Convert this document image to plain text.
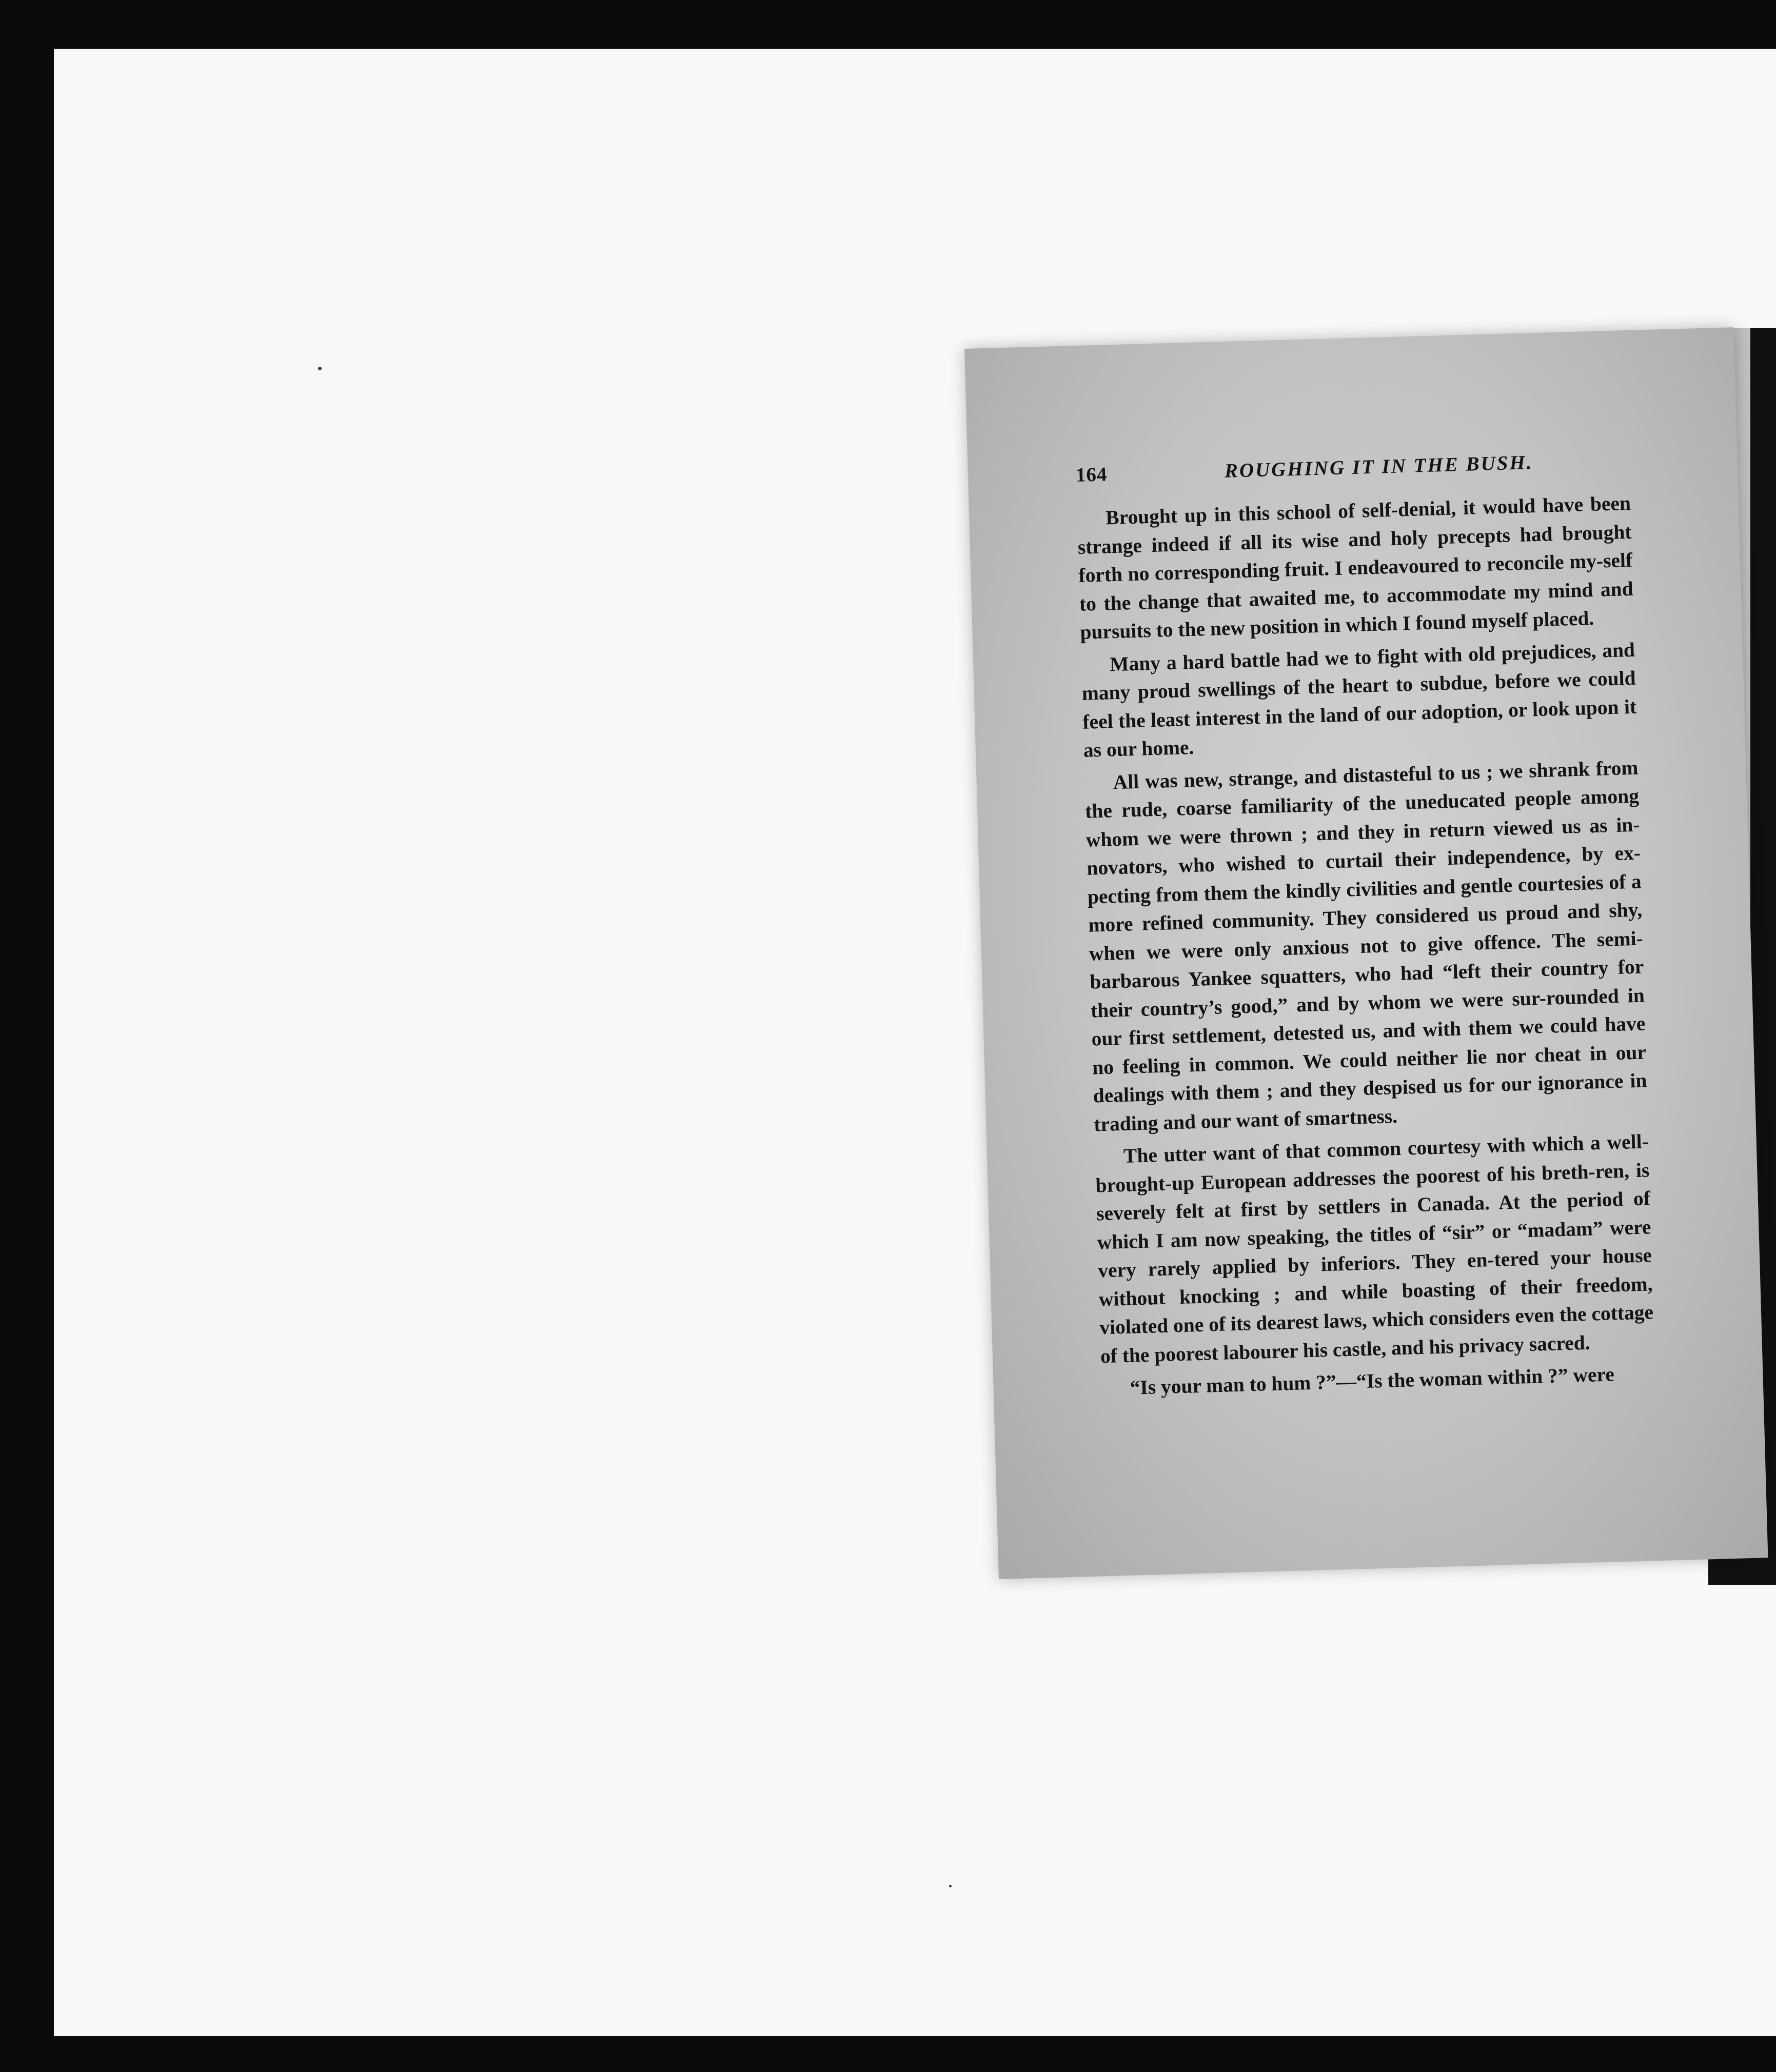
164	ROUGHING IT IN THE BUSH.

Brought up in this school of self-denial, it would have been strange indeed if all its wise and holy precepts had brought forth no corresponding fruit. I endeavoured to reconcile my-self to the change that awaited me, to accommodate my mind and pursuits to the new position in which I found myself placed.

Many a hard battle had we to fight with old prejudices, and many proud swellings of the heart to subdue, before we could feel the least interest in the land of our adoption, or look upon it as our home.

All was new, strange, and distasteful to us ; we shrank from the rude, coarse familiarity of the uneducated people among whom we were thrown ; and they in return viewed us as in-novators, who wished to curtail their independence, by ex-pecting from them the kindly civilities and gentle courtesies of a more refined community. They considered us proud and shy, when we were only anxious not to give offence. The semi-barbarous Yankee squatters, who had “left their country for their country’s good,” and by whom we were sur-rounded in our first settlement, detested us, and with them we could have no feeling in common. We could neither lie nor cheat in our dealings with them ; and they despised us for our ignorance in trading and our want of smartness.

The utter want of that common courtesy with which a well-brought-up European addresses the poorest of his breth-ren, is severely felt at first by settlers in Canada. At the period of which I am now speaking, the titles of “sir” or “madam” were very rarely applied by inferiors. They en-tered your house without knocking ; and while boasting of their freedom, violated one of its dearest laws, which considers even the cottage of the poorest labourer his castle, and his privacy sacred.

“Is your man to hum ?”—“Is the woman within ?” were
